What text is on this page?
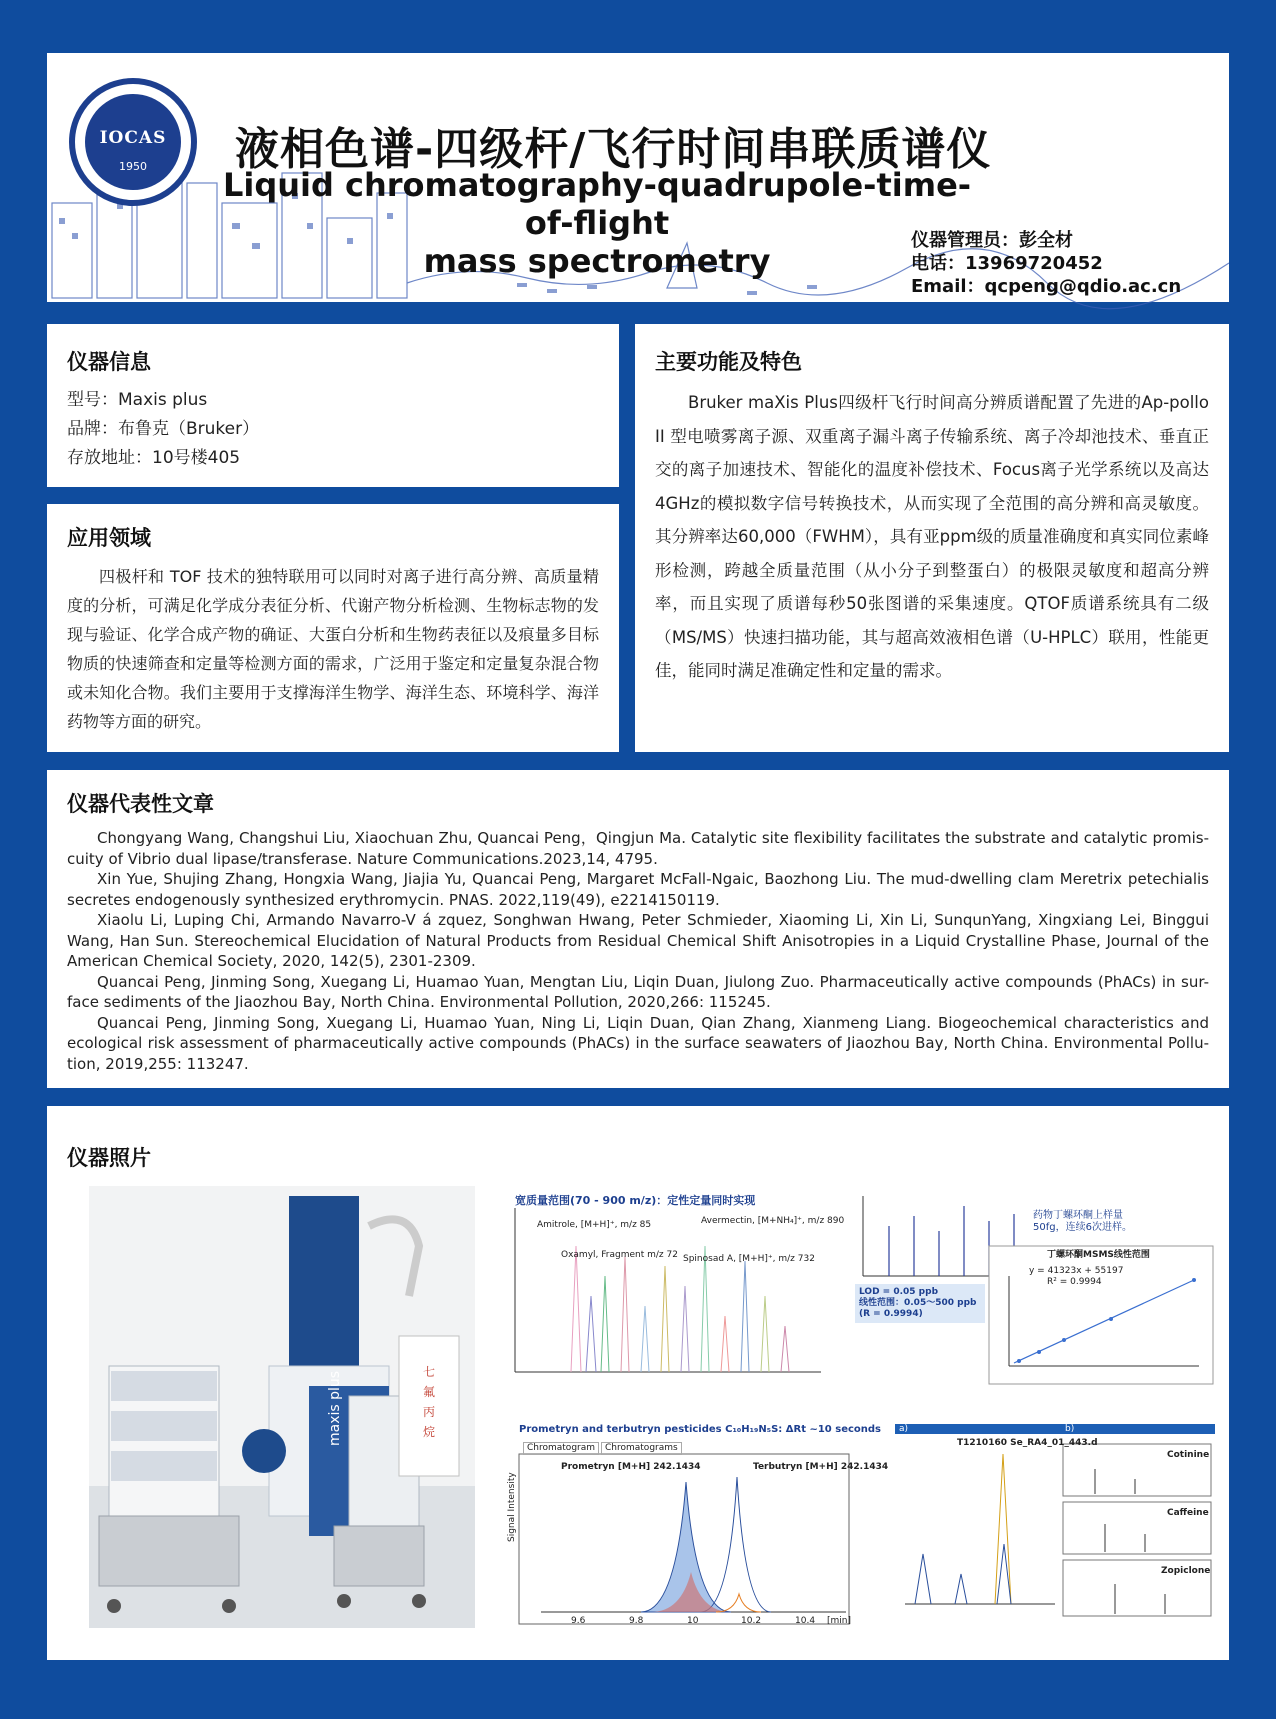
IOCAS
1950	液相色谱-四级杆/飞行时间串联质谱仪
Liquid chromatography-quadrupole-time-of-flight
mass spectrometry
仪器管理员：彭全材
电话：13969720452
Email：qcpeng@qdio.ac.cn
仪器信息
型号：Maxis plus
品牌：布鲁克（Bruker）
存放地址：10号楼405
应用领域

四极杆和 TOF 技术的独特联用可以同时对离子进行高分辨、高质量精度的分析，可满足化学成分表征分析、代谢产物分析检测、生物标志物的发现与验证、化学合成产物的确证、大蛋白分析和生物药表征以及痕量多目标物质的快速筛查和定量等检测方面的需求，广泛用于鉴定和定量复杂混合物或未知化合物。我们主要用于支撑海洋生物学、海洋生态、环境科学、海洋药物等方面的研究。

主要功能及特色

Bruker maXis Plus四级杆飞行时间高分辨质谱配置了先进的Ap-pollo II 型电喷雾离子源、双重离子漏斗离子传输系统、离子冷却池技术、垂直正交的离子加速技术、智能化的温度补偿技术、Focus离子光学系统以及高达4GHz的模拟数字信号转换技术，从而实现了全范围的高分辨和高灵敏度。其分辨率达60,000（FWHM），具有亚ppm级的质量准确度和真实同位素峰形检测，跨越全质量范围（从小分子到整蛋白）的极限灵敏度和超高分辨率，而且实现了质谱每秒50张图谱的采集速度。QTOF质谱系统具有二级（MS/MS）快速扫描功能，其与超高效液相色谱（U-HPLC）联用，性能更佳，能同时满足准确定性和定量的需求。

仪器代表性文章

Chongyang Wang, Changshui Liu, Xiaochuan Zhu, Quancai Peng，Qingjun Ma. Catalytic site flexibility facilitates the substrate and catalytic promis-cuity of Vibrio dual lipase/transferase. Nature Communications.2023,14, 4795.

Xin Yue, Shujing Zhang, Hongxia Wang, Jiajia Yu, Quancai Peng, Margaret McFall-Ngaic, Baozhong Liu. The mud-dwelling clam Meretrix petechialis secretes endogenously synthesized erythromycin. PNAS. 2022,119(49), e2214150119.

Xiaolu Li, Luping Chi, Armando Navarro-V á zquez, Songhwan Hwang, Peter Schmieder, Xiaoming Li, Xin Li, SunqunYang, Xingxiang Lei, Binggui Wang, Han Sun. Stereochemical Elucidation of Natural Products from Residual Chemical Shift Anisotropies in a Liquid Crystalline Phase, Journal of the American Chemical Society, 2020, 142(5), 2301-2309.

Quancai Peng, Jinming Song, Xuegang Li, Huamao Yuan, Mengtan Liu, Liqin Duan, Jiulong Zuo. Pharmaceutically active compounds (PhACs) in sur-face sediments of the Jiaozhou Bay, North China. Environmental Pollution, 2020,266: 115245.

Quancai Peng, Jinming Song, Xuegang Li, Huamao Yuan, Ning Li, Liqin Duan, Qian Zhang, Xianmeng Liang. Biogeochemical characteristics and ecological risk assessment of pharmaceutically active compounds (PhACs) in the surface seawaters of Jiaozhou Bay, North China. Environmental Pollu-tion, 2019,255: 113247.

仪器照片
maxis plus	七
氟
丙
烷
宽质量范围(70 - 900 m/z)：定性定量同时实现
Amitrole, [M+H]⁺, m/z 85
Oxamyl, Fragment m/z 72
Avermectin, [M+NH₄]⁺, m/z 890
Spinosad A, [M+H]⁺, m/z 732
药物丁螺环酮上样量50fg，连续6次进样。
丁螺环酮MSMS线性范围
y = 41323x + 55197
R² = 0.9994
LOD = 0.05 ppb
线性范围：0.05～500 ppb
(R = 0.9994)
Prometryn and terbutryn pesticides C₁₀H₁₉N₅S: ΔRt ~10 seconds
Chromatogram	Chromatograms
Signal Intensity
Prometryn [M+H] 242.1434	Terbutryn [M+H] 242.1434
9.6	9.8	10	10.2	10.4 [min]
a)	b)
T1210160 Se_RA4_01_443.d
Cotinine
Caffeine
Zopiclone
